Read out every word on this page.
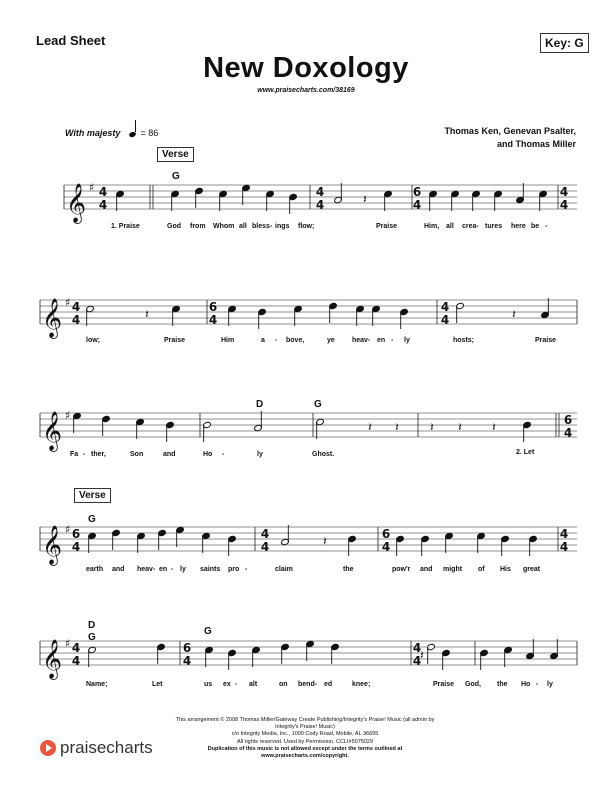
Lead Sheet	Key: G
New Doxology
www.praisecharts.com/38169
With majesty = 86	Thomas Ken, Genevan Psalter,
and Thomas Miller
𝄞 ♯ 4
4
4
4
6
4
4
4
𝄽
𝄞 ♯ 4
4
6
4
4
4
𝄽	𝄽
𝄞 ♯	6
4
𝄽 𝄽	𝄽 𝄽	𝄽
𝄞 ♯ 6
4
4
4
6
4
4
4
𝄽
𝄞 ♯ 4
4
6
4
4
4
𝄽
Verse
Verse
G
D	G
G
D
G
G
1. Praise	God from Whom all bless- ings flow;	Praise	Him, all crea- tures here be -
low;	Praise	Him	a - bove,	ye heav- en - ly	hosts;	Praise
Fa - ther,	Son	and	Ho -	ly	Ghost.	2. Let
earth and heav- en - ly saints pro -	claim	the	pow'r and might of His great
Name;	Let	us ex - alt	on bend- ed	knee;	Praise God, the Ho - ly
This arrangement © 2008 Thomas Miller/Gateway Create Publishing/Integrity's Praise! Music (all admin by
Integrity's Praise! Music)
c/o Integrity Media, Inc., 1000 Cody Road, Mobile, AL 36695
All rights reserved. Used by Permission. CCLI#5075029
Duplication of this music is not allowed except under the terms outlined at
www.praisecharts.com/copyright.
praisecharts
